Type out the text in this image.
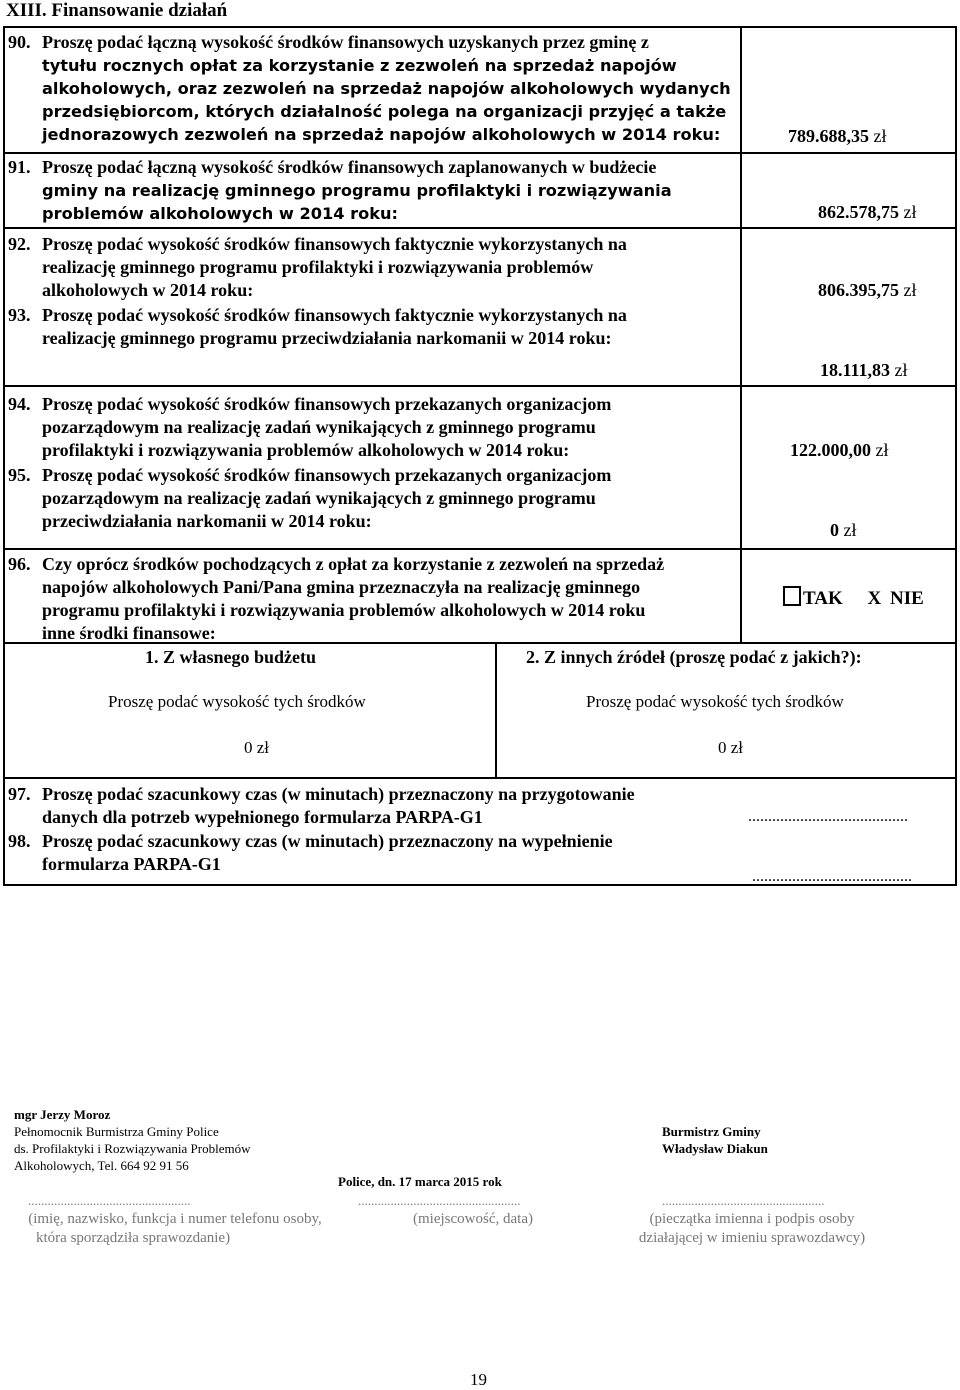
XIII. Finansowanie działań
90. Proszę podać łączną wysokość środków finansowych uzyskanych przez gminę z
tytułu rocznych opłat za korzystanie z zezwoleń na sprzedaż napojów
alkoholowych, oraz zezwoleń na sprzedaż napojów alkoholowych wydanych
przedsiębiorcom, których działalność polega na organizacji przyjęć a także
jednorazowych zezwoleń na sprzedaż napojów alkoholowych w 2014 roku:	789.688,35 zł
91. Proszę podać łączną wysokość środków finansowych zaplanowanych w budżecie
gminy na realizację gminnego programu profilaktyki i rozwiązywania
problemów alkoholowych w 2014 roku:	862.578,75 zł
92. Proszę podać wysokość środków finansowych faktycznie wykorzystanych na
realizację gminnego programu profilaktyki i rozwiązywania problemów
alkoholowych w 2014 roku:	806.395,75 zł
93. Proszę podać wysokość środków finansowych faktycznie wykorzystanych na
realizację gminnego programu przeciwdziałania narkomanii w 2014 roku:
18.111,83 zł
94. Proszę podać wysokość środków finansowych przekazanych organizacjom
pozarządowym na realizację zadań wynikających z gminnego programu
profilaktyki i rozwiązywania problemów alkoholowych w 2014 roku:	122.000,00 zł
95. Proszę podać wysokość środków finansowych przekazanych organizacjom
pozarządowym na realizację zadań wynikających z gminnego programu
przeciwdziałania narkomanii w 2014 roku:	0 zł
96. Czy oprócz środków pochodzących z opłat za korzystanie z zezwoleń na sprzedaż
napojów alkoholowych Pani/Pana gmina przeznaczyła na realizację gminnego
programu profilaktyki i rozwiązywania problemów alkoholowych w 2014 roku
inne środki finansowe:
TAK X NIE
1. Z własnego budżetu	2. Z innych źródeł (proszę podać z jakich?):
Proszę podać wysokość tych środków	Proszę podać wysokość tych środków
0 zł	0 zł
97. Proszę podać szacunkowy czas (w minutach) przeznaczony na przygotowanie
danych dla potrzeb wypełnionego formularza PARPA-G1	........................................
98. Proszę podać szacunkowy czas (w minutach) przeznaczony na wypełnienie
formularza PARPA-G1
........................................
mgr Jerzy Moroz
Pełnomocnik Burmistrza Gminy Police
ds. Profilaktyki i Rozwiązywania Problemów
Alkoholowych, Tel. 664 92 91 56
Burmistrz Gminy
Władysław Diakun
Police, dn. 17 marca 2015 rok
..................................................	..................................................	..................................................
(imię, nazwisko, funkcja i numer telefonu osoby,
która sporządziła sprawozdanie)
(miejscowość, data)	(pieczątka imienna i podpis osoby
działającej w imieniu sprawozdawcy)
19
